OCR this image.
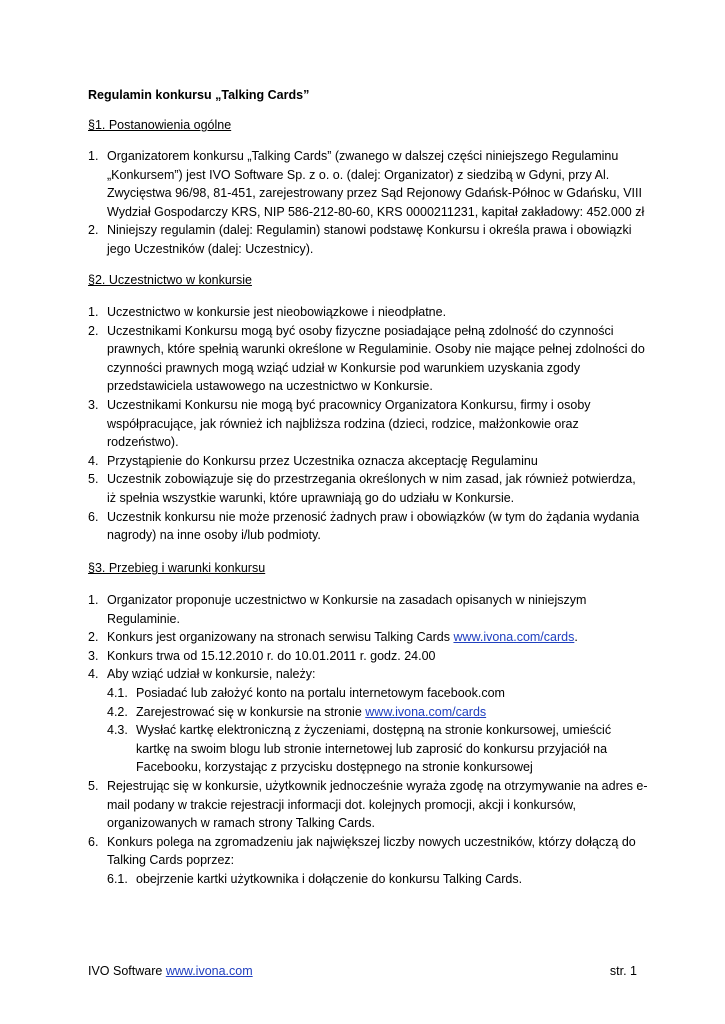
Regulamin konkursu „Talking Cards”
§1. Postanowienia ogólne
1. Organizatorem konkursu „Talking Cards” (zwanego w dalszej części niniejszego Regulaminu „Konkursem”) jest IVO Software Sp. z o. o. (dalej: Organizator) z siedzibą w Gdyni, przy Al. Zwycięstwa 96/98, 81-451, zarejestrowany przez Sąd Rejonowy Gdańsk-Północ w Gdańsku, VIII Wydział Gospodarczy KRS, NIP 586-212-80-60, KRS 0000211231, kapitał zakładowy: 452.000 zł
2. Niniejszy regulamin (dalej: Regulamin) stanowi podstawę Konkursu i określa prawa i obowiązki jego Uczestników (dalej: Uczestnicy).
§2. Uczestnictwo w konkursie
1. Uczestnictwo w konkursie jest nieobowiązkowe i nieodpłatne.
2. Uczestnikami Konkursu mogą być osoby fizyczne posiadające pełną zdolność do czynności prawnych, które spełnią warunki określone w Regulaminie. Osoby nie mające pełnej zdolności do czynności prawnych mogą wziąć udział w Konkursie pod warunkiem uzyskania zgody przedstawiciela ustawowego na uczestnictwo w Konkursie.
3. Uczestnikami Konkursu nie mogą być pracownicy Organizatora Konkursu, firmy i osoby współpracujące, jak również ich najbliższa rodzina (dzieci, rodzice, małżonkowie oraz rodzeństwo).
4. Przystąpienie do Konkursu przez Uczestnika oznacza akceptację Regulaminu
5. Uczestnik zobowiązuje się do przestrzegania określonych w nim zasad, jak również potwierdza, iż spełnia wszystkie warunki, które uprawniają go do udziału w Konkursie.
6. Uczestnik konkursu nie może przenosić żadnych praw i obowiązków (w tym do żądania wydania nagrody) na inne osoby i/lub podmioty.
§3. Przebieg i warunki konkursu
1. Organizator proponuje uczestnictwo w Konkursie na zasadach opisanych w niniejszym Regulaminie.
2. Konkurs jest organizowany na stronach serwisu Talking Cards www.ivona.com/cards.
3. Konkurs trwa od 15.12.2010 r. do 10.01.2011 r. godz. 24.00
4. Aby wziąć udział w konkursie, należy:
4.1. Posiadać lub założyć konto na portalu internetowym facebook.com
4.2. Zarejestrować się w konkursie na stronie www.ivona.com/cards
4.3. Wysłać kartkę elektroniczną z życzeniami, dostępną na stronie konkursowej, umieścić kartkę na swoim blogu lub stronie internetowej lub zaprosić do konkursu przyjaciół na Facebooku, korzystając z przycisku dostępnego na stronie konkursowej
5. Rejestrując się w konkursie, użytkownik jednocześnie wyraża zgodę na otrzymywanie na adres e-mail podany w trakcie rejestracji informacji dot. kolejnych promocji, akcji i konkursów, organizowanych w ramach strony Talking Cards.
6. Konkurs polega na zgromadzeniu jak największej liczby nowych uczestników, którzy dołączą do Talking Cards poprzez:
6.1. obejrzenie kartki użytkownika i dołączenie do konkursu Talking Cards.
IVO Software www.ivona.com	str. 1
